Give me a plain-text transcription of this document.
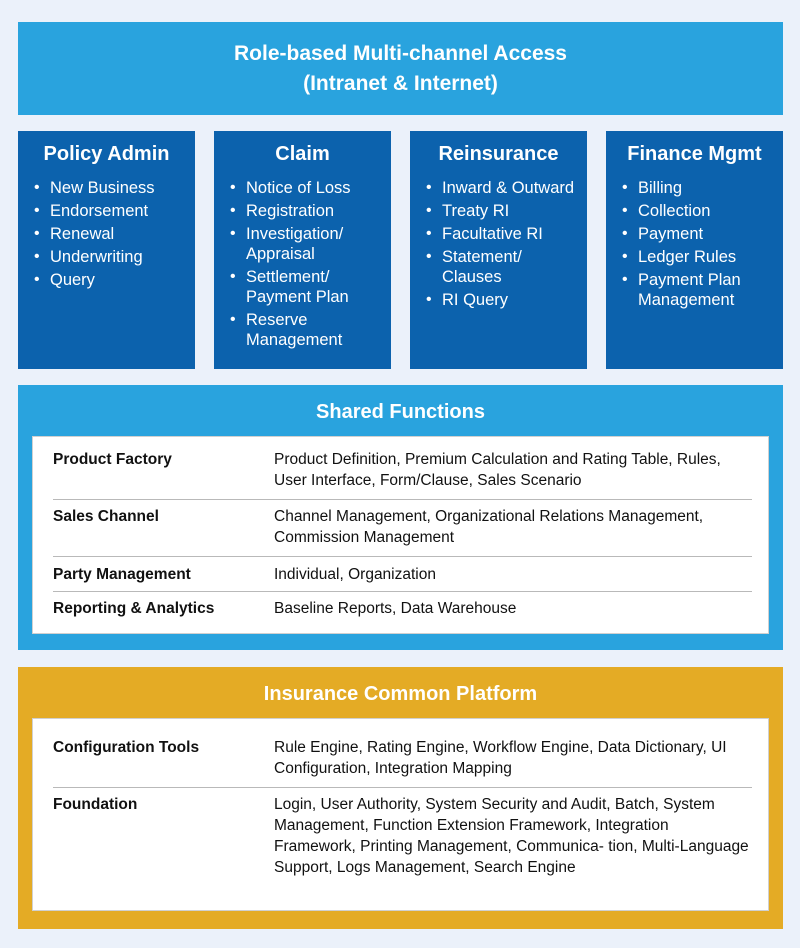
Role-based Multi-channel Access
(Intranet & Internet)
Policy Admin
• New Business
• Endorsement
• Renewal
• Underwriting
• Query
Claim
• Notice of Loss
• Registration
• Investigation/ Appraisal
• Settlement/ Payment Plan
• Reserve Management
Reinsurance
• Inward & Outward
• Treaty RI
• Facultative RI
• Statement/ Clauses
• RI Query
Finance Mgmt
• Billing
• Collection
• Payment
• Ledger Rules
• Payment Plan Management
Shared Functions
Product Factory	Product Definition, Premium Calculation and Rating Table, Rules, User Interface, Form/Clause, Sales Scenario
Sales Channel	Channel Management, Organizational Relations Management, Commission Management
Party Management	Individual, Organization
Reporting & Analytics	Baseline Reports, Data Warehouse
Insurance Common Platform
Configuration Tools	Rule Engine, Rating Engine, Workflow Engine, Data Dictionary, UI Configuration, Integration Mapping
Foundation	Login, User Authority, System Security and Audit, Batch, System Management, Function Extension Framework, Integration Framework, Printing Management, Communica- tion, Multi-Language Support, Logs Management, Search Engine
